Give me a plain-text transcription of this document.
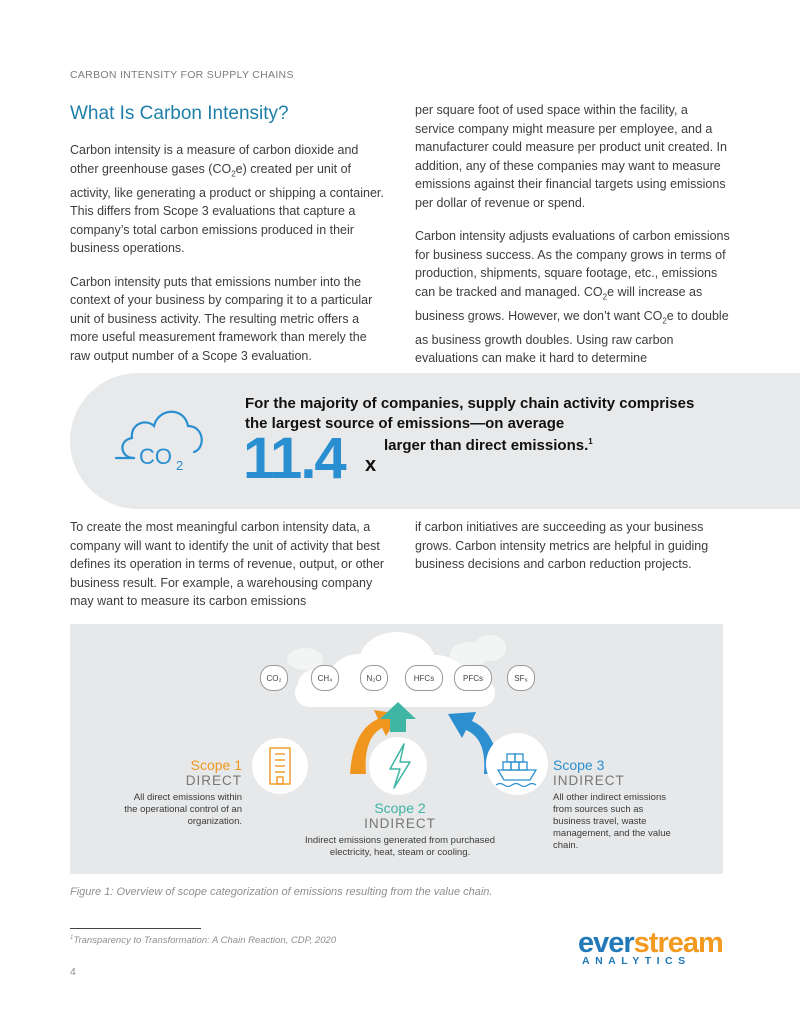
CARBON INTENSITY FOR SUPPLY CHAINS
What Is Carbon Intensity?

Carbon intensity is a measure of carbon dioxide and other greenhouse gases $(CO_2e)$ created per unit of activity, like generating a product or shipping a container. This differs from Scope 3 evaluations that capture a company’s total carbon emissions produced in their business operations.

Carbon intensity puts that emissions number into the context of your business by comparing it to a particular unit of business activity. The resulting metric offers a more useful measurement framework than merely the raw output number of a Scope 3 evaluation.

per square foot of used space within the facility, a service company might measure per employee, and a manufacturer could measure per product unit created. In addition, any of these companies may want to measure emissions against their financial targets using emissions per dollar of revenue or spend.

Carbon intensity adjusts evaluations of carbon emissions for business success. As the company grows in terms of production, shipments, square footage, etc., emissions can be tracked and managed. $CO_2e$ will increase as business grows. However, we don’t want $CO_2e$ to double as business growth doubles. Using raw carbon evaluations can make it hard to determine

CO 2
For the majority of companies, supply chain activity comprises the largest source of emissions—on average
11.4 x
larger than direct emissions.$^1$

To create the most meaningful carbon intensity data, a company will want to identify the unit of activity that best defines its operation in terms of revenue, output, or other business result. For example, a warehousing company may want to measure its carbon emissions

if carbon initiatives are succeeding as your business grows. Carbon intensity metrics are helpful in guiding business decisions and carbon reduction projects.

CO₂	CH₄	N₂O	HFCs	PFCs	SF₆
Scope 1
DIRECT
All direct emissions within the operational control of an organization.
Scope 2
INDIRECT
Indirect emissions generated from purchased electricity, heat, steam or cooling.
Scope 3
INDIRECT
All other indirect emissions from sources such as business travel, waste management, and the value chain.
Figure 1: Overview of scope categorization of emissions resulting from the value chain.
$^1$Transparency to Transformation: A Chain Reaction, CDP, 2020
4
everstream
ANALYTICS
